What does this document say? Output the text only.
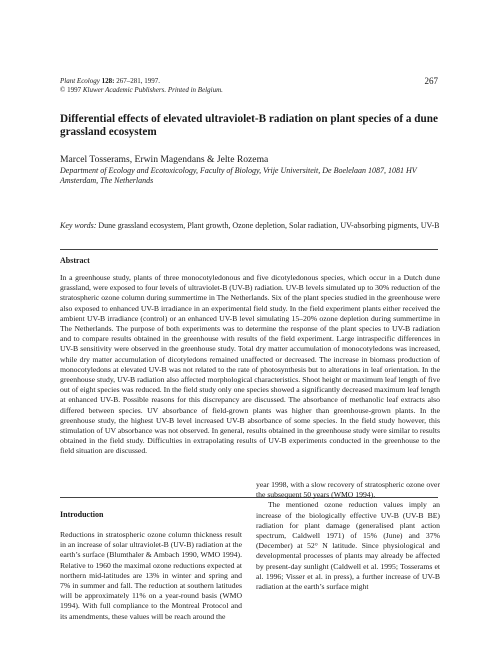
Plant Ecology 128: 267–281, 1997.
© 1997 Kluwer Academic Publishers. Printed in Belgium.
267
Differential effects of elevated ultraviolet-B radiation on plant species of a dune grassland ecosystem
Marcel Tosserams, Erwin Magendans & Jelte Rozema
Department of Ecology and Ecotoxicology, Faculty of Biology, Vrije Universiteit, De Boelelaan 1087, 1081 HV Amsterdam, The Netherlands
Key words: Dune grassland ecosystem, Plant growth, Ozone depletion, Solar radiation, UV-absorbing pigments, UV-B
Abstract

In a greenhouse study, plants of three monocotyledonous and five dicotyledonous species, which occur in a Dutch dune grassland, were exposed to four levels of ultraviolet-B (UV-B) radiation. UV-B levels simulated up to 30% reduction of the stratospheric ozone column during summertime in The Netherlands. Six of the plant species studied in the greenhouse were also exposed to enhanced UV-B irradiance in an experimental field study. In the field experiment plants either received the ambient UV-B irradiance (control) or an enhanced UV-B level simulating 15–20% ozone depletion during summertime in The Netherlands. The purpose of both experiments was to determine the response of the plant species to UV-B radiation and to compare results obtained in the greenhouse with results of the field experiment. Large intraspecific differences in UV-B sensitivity were observed in the greenhouse study. Total dry matter accumulation of monocotyledons was increased, while dry matter accumulation of dicotyledons remained unaffected or decreased. The increase in biomass production of monocotyledons at elevated UV-B was not related to the rate of photosynthesis but to alterations in leaf orientation. In the greenhouse study, UV-B radiation also affected morphological characteristics. Shoot height or maximum leaf length of five out of eight species was reduced. In the field study only one species showed a significantly decreased maximum leaf length at enhanced UV-B. Possible reasons for this discrepancy are discussed. The absorbance of methanolic leaf extracts also differed between species. UV absorbance of field-grown plants was higher than greenhouse-grown plants. In the greenhouse study, the highest UV-B level increased UV-B absorbance of some species. In the field study however, this stimulation of UV absorbance was not observed. In general, results obtained in the greenhouse study were similar to results obtained in the field study. Difficulties in extrapolating results of UV-B experiments conducted in the greenhouse to the field situation are discussed.

Introduction

Reductions in stratospheric ozone column thickness result in an increase of solar ultraviolet-B (UV-B) radiation at the earth’s surface (Blumthaler & Ambach 1990, WMO 1994). Relative to 1960 the maximal ozone reductions expected at northern mid-latitudes are 13% in winter and spring and 7% in summer and fall. The reduction at southern latitudes will be approximately 11% on a year-round basis (WMO 1994). With full compliance to the Montreal Protocol and its amendments, these values will be reach around the

year 1998, with a slow recovery of stratospheric ozone over the subsequent 50 years (WMO 1994).

The mentioned ozone reduction values imply an increase of the biologically effective UV-B (UV-B BE) radiation for plant damage (generalised plant action spectrum, Caldwell 1971) of 15% (June) and 37% (December) at 52° N latitude. Since physiological and developmental processes of plants may already be affected by present-day sunlight (Caldwell et al. 1995; Tosserams et al. 1996; Visser et al. in press), a further increase of UV-B radiation at the earth’s surface might
